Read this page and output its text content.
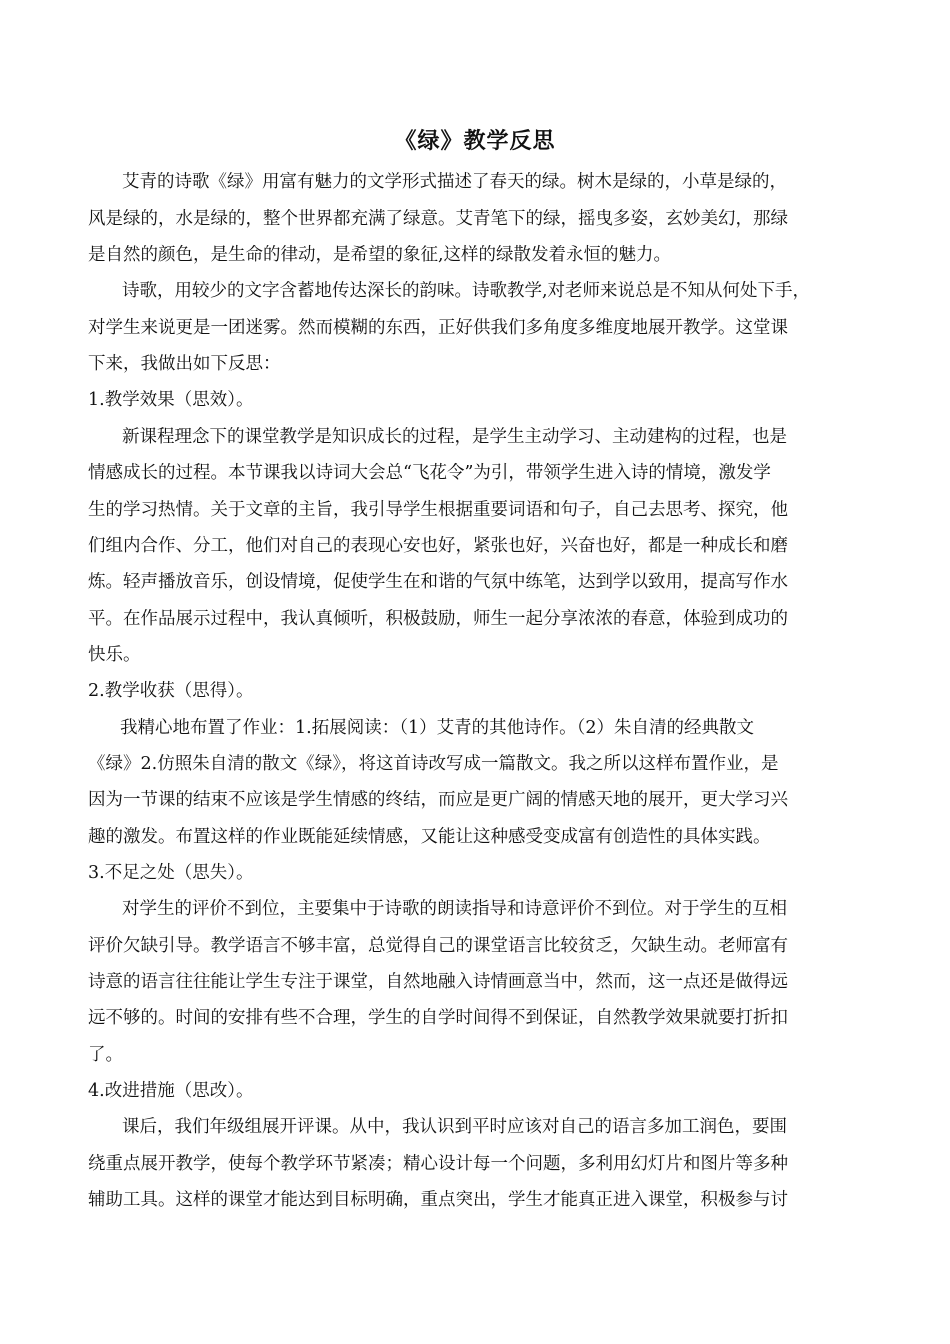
《绿》教学反思
艾青的诗歌《绿》用富有魅力的文学形式描述了春天的绿。树木是绿的，小草是绿的，
风是绿的，水是绿的，整个世界都充满了绿意。艾青笔下的绿，摇曳多姿，玄妙美幻，那绿
是自然的颜色，是生命的律动，是希望的象征,这样的绿散发着永恒的魅力。
诗歌，用较少的文字含蓄地传达深长的韵味。诗歌教学,对老师来说总是不知从何处下手，
对学生来说更是一团迷雾。然而模糊的东西，正好供我们多角度多维度地展开教学。这堂课
下来，我做出如下反思：
1.教学效果（思效）。
新课程理念下的课堂教学是知识成长的过程，是学生主动学习、主动建构的过程，也是
情感成长的过程。本节课我以诗词大会总“飞花令”为引，带领学生进入诗的情境，激发学
生的学习热情。关于文章的主旨，我引导学生根据重要词语和句子，自己去思考、探究，他
们组内合作、分工，他们对自己的表现心安也好，紧张也好，兴奋也好，都是一种成长和磨
炼。轻声播放音乐，创设情境，促使学生在和谐的气氛中练笔，达到学以致用，提高写作水
平。在作品展示过程中，我认真倾听，积极鼓励，师生一起分享浓浓的春意，体验到成功的
快乐。
2.教学收获（思得）。
我精心地布置了作业：1.拓展阅读：（1）艾青的其他诗作。（2）朱自清的经典散文
《绿》2.仿照朱自清的散文《绿》，将这首诗改写成一篇散文。我之所以这样布置作业，是
因为一节课的结束不应该是学生情感的终结，而应是更广阔的情感天地的展开，更大学习兴
趣的激发。布置这样的作业既能延续情感，又能让这种感受变成富有创造性的具体实践。
3.不足之处（思失）。
对学生的评价不到位，主要集中于诗歌的朗读指导和诗意评价不到位。对于学生的互相
评价欠缺引导。教学语言不够丰富，总觉得自己的课堂语言比较贫乏，欠缺生动。老师富有
诗意的语言往往能让学生专注于课堂，自然地融入诗情画意当中，然而，这一点还是做得远
远不够的。时间的安排有些不合理，学生的自学时间得不到保证，自然教学效果就要打折扣
了。
4.改进措施（思改）。
课后，我们年级组展开评课。从中，我认识到平时应该对自己的语言多加工润色，要围
绕重点展开教学，使每个教学环节紧凑；精心设计每一个问题，多利用幻灯片和图片等多种
辅助工具。这样的课堂才能达到目标明确，重点突出，学生才能真正进入课堂，积极参与讨
